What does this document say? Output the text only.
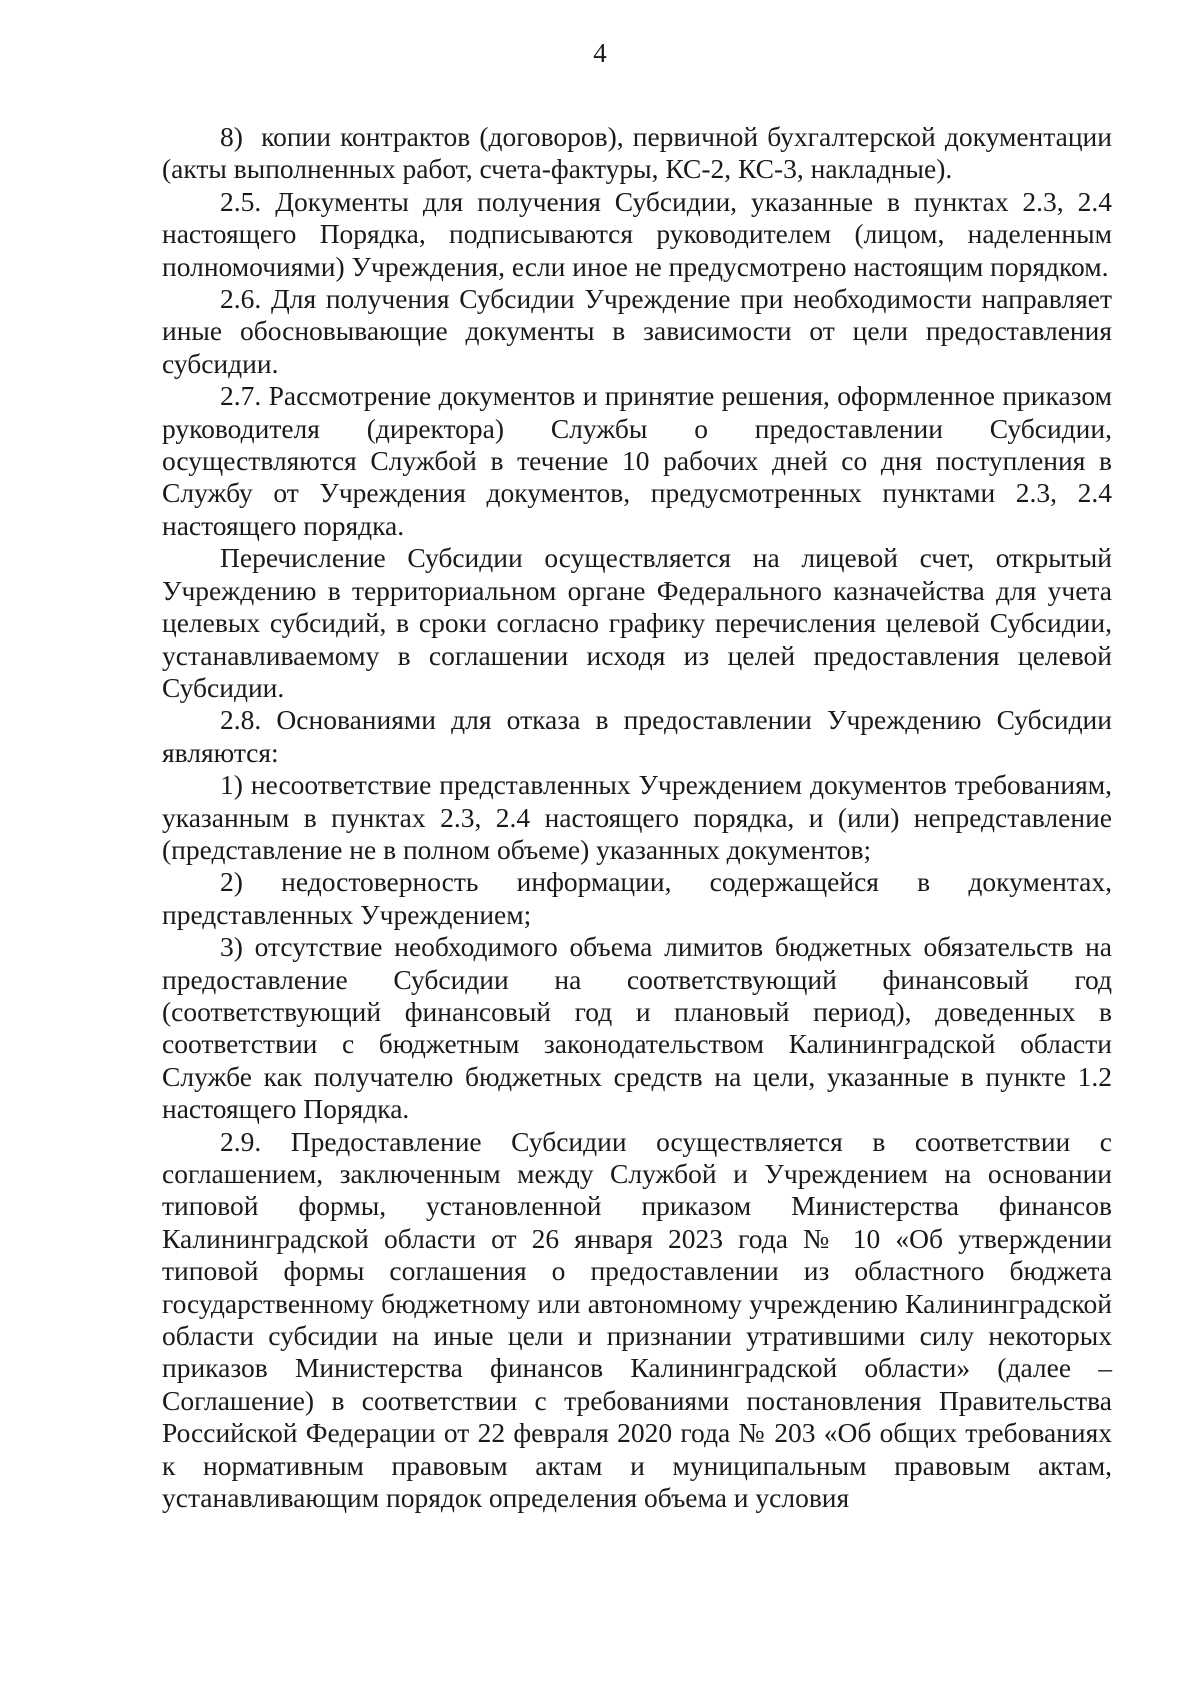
4

8)  копии контрактов (договоров), первичной бухгалтерской документации (акты выполненных работ, счета-фактуры, КС-2, КС-3, накладные).

2.5. Документы для получения Субсидии, указанные в пунктах 2.3, 2.4 настоящего Порядка, подписываются руководителем (лицом, наделенным полномочиями) Учреждения, если иное не предусмотрено настоящим порядком.

2.6. Для получения Субсидии Учреждение при необходимости направляет иные обосновывающие документы в зависимости от цели предоставления субсидии.

2.7. Рассмотрение документов и принятие решения, оформленное приказом руководителя (директора) Службы о предоставлении Субсидии, осуществляются Службой в течение 10 рабочих дней со дня поступления в Службу от Учреждения документов, предусмотренных пунктами 2.3, 2.4 настоящего порядка.

Перечисление Субсидии осуществляется на лицевой счет, открытый Учреждению в территориальном органе Федерального казначейства для учета целевых субсидий, в сроки согласно графику перечисления целевой Субсидии, устанавливаемому в соглашении исходя из целей предоставления целевой Субсидии.

2.8. Основаниями для отказа в предоставлении Учреждению Субсидии являются:

1) несоответствие представленных Учреждением документов требованиям, указанным в пунктах 2.3, 2.4 настоящего порядка, и (или) непредставление (представление не в полном объеме) указанных документов;

2) недостоверность информации, содержащейся в документах, представленных Учреждением;

3) отсутствие необходимого объема лимитов бюджетных обязательств на предоставление Субсидии на соответствующий финансовый год (соответствующий финансовый год и плановый период), доведенных в соответствии с бюджетным законодательством Калининградской области Службе как получателю бюджетных средств на цели, указанные в пункте 1.2 настоящего Порядка.

2.9. Предоставление Субсидии осуществляется в соответствии с соглашением, заключенным между Службой и Учреждением на основании типовой формы, установленной приказом Министерства финансов Калининградской области от 26 января 2023 года № 10 «Об утверждении типовой формы соглашения о предоставлении из областного бюджета государственному бюджетному или автономному учреждению Калининградской области субсидии на иные цели и признании утратившими силу некоторых приказов Министерства финансов Калининградской области» (далее – Соглашение) в соответствии с требованиями постановления Правительства Российской Федерации от 22 февраля 2020 года № 203 «Об общих требованиях к нормативным правовым актам и муниципальным правовым актам, устанавливающим порядок определения объема и условия
